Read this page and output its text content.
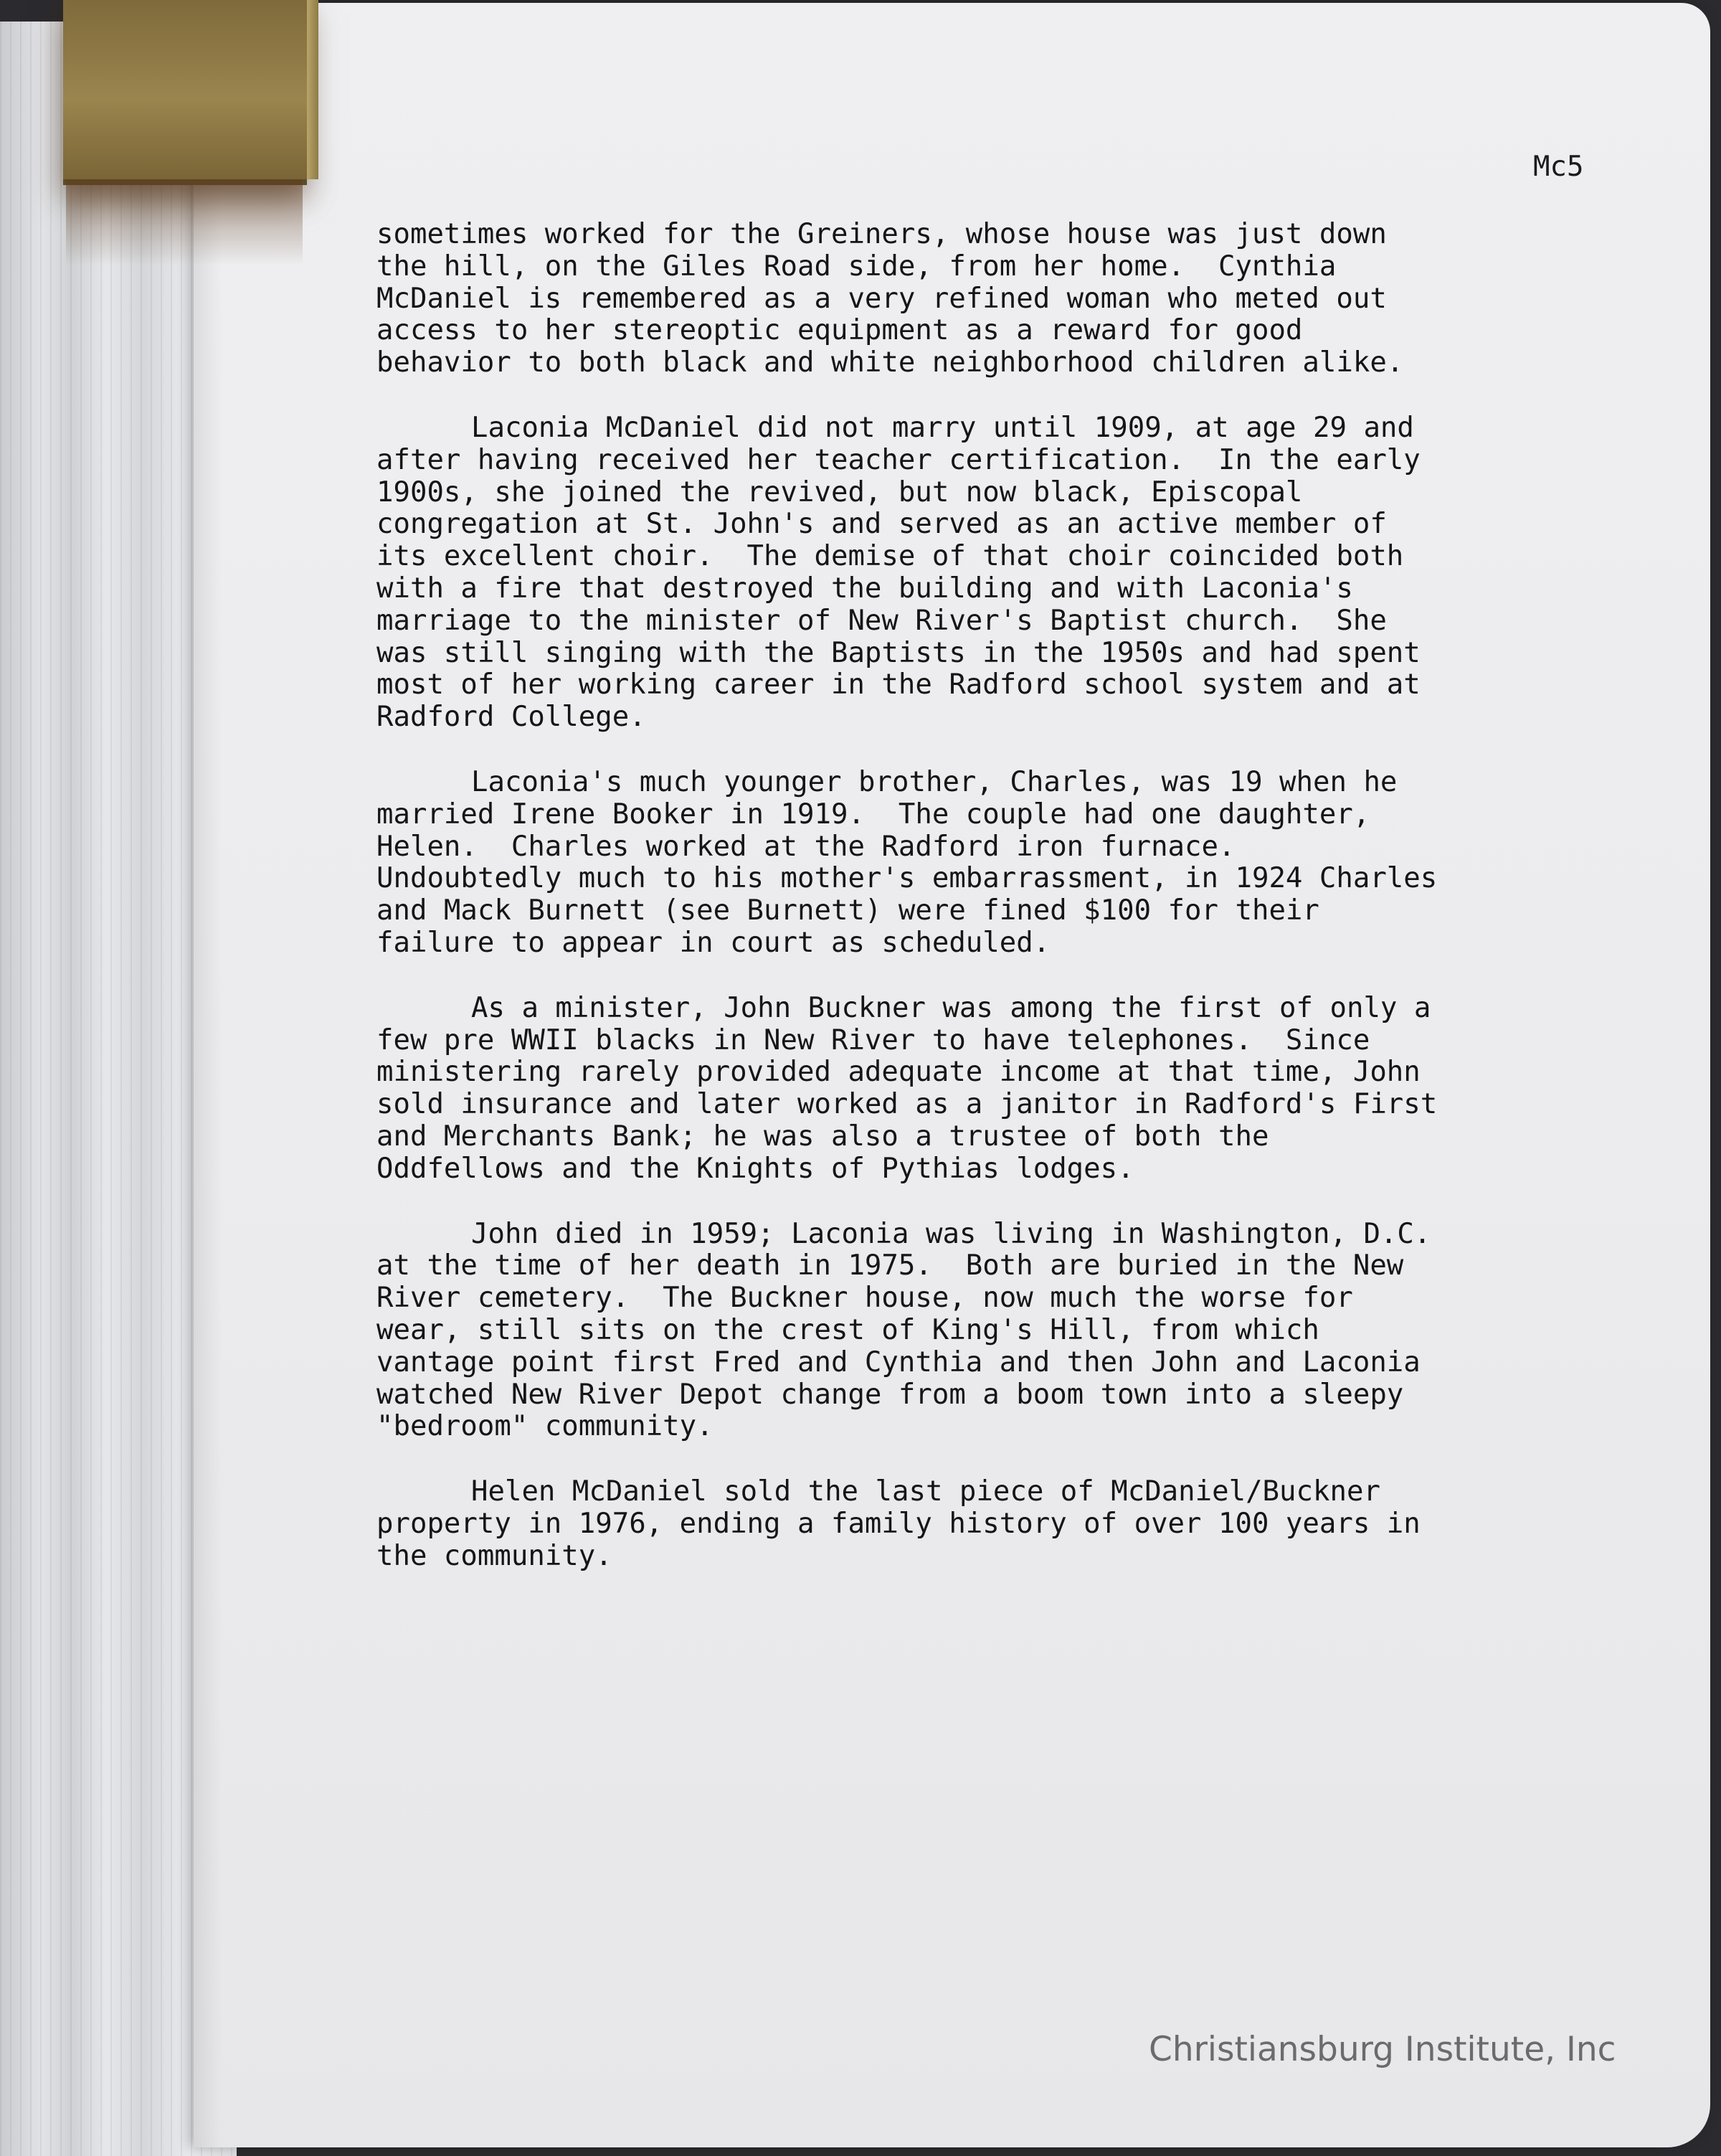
Mc5

sometimes worked for the Greiners, whose house was just down
the hill, on the Giles Road side, from her home.  Cynthia
McDaniel is remembered as a very refined woman who meted out
access to her stereoptic equipment as a reward for good
behavior to both black and white neighborhood children alike.

Laconia McDaniel did not marry until 1909, at age 29 and
after having received her teacher certification.  In the early
1900s, she joined the revived, but now black, Episcopal
congregation at St. John's and served as an active member of
its excellent choir.  The demise of that choir coincided both
with a fire that destroyed the building and with Laconia's
marriage to the minister of New River's Baptist church.  She
was still singing with the Baptists in the 1950s and had spent
most of her working career in the Radford school system and at
Radford College.

Laconia's much younger brother, Charles, was 19 when he
married Irene Booker in 1919.  The couple had one daughter,
Helen.  Charles worked at the Radford iron furnace.
Undoubtedly much to his mother's embarrassment, in 1924 Charles
and Mack Burnett (see Burnett) were fined $100 for their
failure to appear in court as scheduled.

As a minister, John Buckner was among the first of only a
few pre WWII blacks in New River to have telephones.  Since
ministering rarely provided adequate income at that time, John
sold insurance and later worked as a janitor in Radford's First
and Merchants Bank; he was also a trustee of both the
Oddfellows and the Knights of Pythias lodges.

John died in 1959; Laconia was living in Washington, D.C.
at the time of her death in 1975.  Both are buried in the New
River cemetery.  The Buckner house, now much the worse for
wear, still sits on the crest of King's Hill, from which
vantage point first Fred and Cynthia and then John and Laconia
watched New River Depot change from a boom town into a sleepy
"bedroom" community.

Helen McDaniel sold the last piece of McDaniel/Buckner
property in 1976, ending a family history of over 100 years in
the community.

Christiansburg Institute, Inc
